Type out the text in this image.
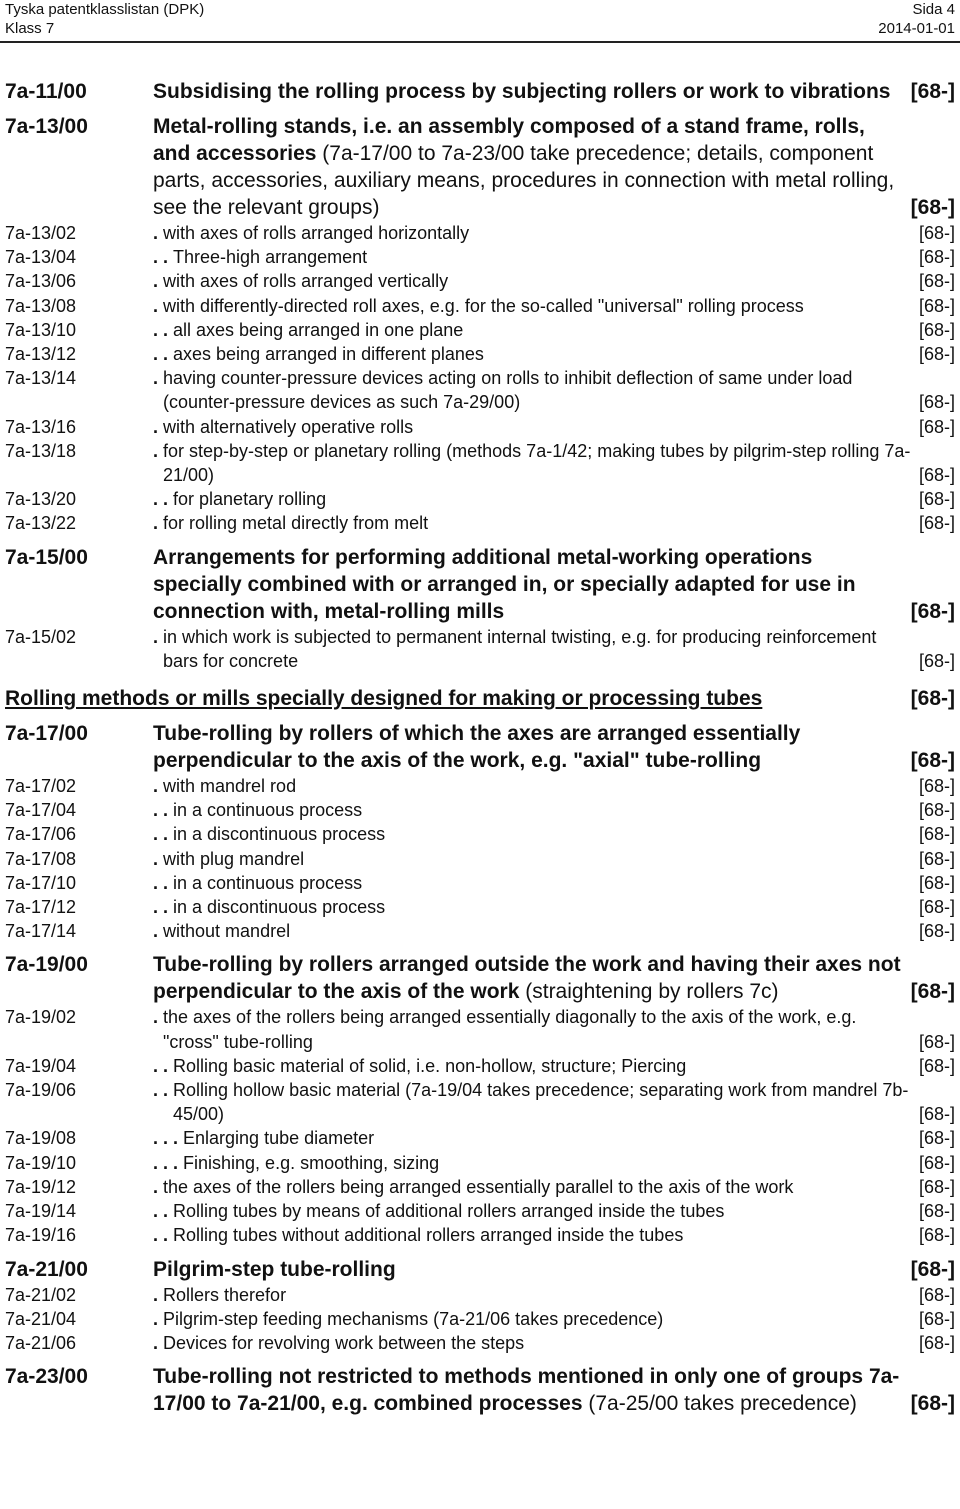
Tyska patentklasslistan (DPK)	Sida 4
Klass 7	2014-01-01
7a-11/00	Subsidising the rolling process by subjecting rollers or work to vibrations [68-]
7a-13/00	Metal-rolling stands, i.e. an assembly composed of a stand frame, rolls, and accessories (7a-17/00 to 7a-23/00 take precedence; details, component parts, accessories, auxiliary means, procedures in connection with metal rolling, see the relevant groups)	[68-]
7a-13/02	. with axes of rolls arranged horizontally	[68-]
7a-13/04	. . Three-high arrangement	[68-]
7a-13/06	. with axes of rolls arranged vertically	[68-]
7a-13/08	. with differently-directed roll axes, e.g. for the so-called "universal" rolling process	[68-]
7a-13/10	. . all axes being arranged in one plane	[68-]
7a-13/12	. . axes being arranged in different planes	[68-]
7a-13/14	. having counter-pressure devices acting on rolls to inhibit deflection of same under load (counter-pressure devices as such 7a-29/00)	[68-]
7a-13/16	. with alternatively operative rolls	[68-]
7a-13/18	. for step-by-step or planetary rolling (methods 7a-1/42; making tubes by pilgrim-step rolling 7a-21/00)	[68-]
7a-13/20	. . for planetary rolling	[68-]
7a-13/22	. for rolling metal directly from melt	[68-]
7a-15/00	Arrangements for performing additional metal-working operations specially combined with or arranged in, or specially adapted for use in connection with, metal-rolling mills	[68-]
7a-15/02	. in which work is subjected to permanent internal twisting, e.g. for producing reinforcement bars for concrete	[68-]
Rolling methods or mills specially designed for making or processing tubes	[68-]
7a-17/00	Tube-rolling by rollers of which the axes are arranged essentially perpendicular to the axis of the work, e.g. "axial" tube-rolling	[68-]
7a-17/02	. with mandrel rod	[68-]
7a-17/04	. . in a continuous process	[68-]
7a-17/06	. . in a discontinuous process	[68-]
7a-17/08	. with plug mandrel	[68-]
7a-17/10	. . in a continuous process	[68-]
7a-17/12	. . in a discontinuous process	[68-]
7a-17/14	. without mandrel	[68-]
7a-19/00	Tube-rolling by rollers arranged outside the work and having their axes not perpendicular to the axis of the work (straightening by rollers 7c)	[68-]
7a-19/02	. the axes of the rollers being arranged essentially diagonally to the axis of the work, e.g. "cross" tube-rolling	[68-]
7a-19/04	. . Rolling basic material of solid, i.e. non-hollow, structure; Piercing	[68-]
7a-19/06	. . Rolling hollow basic material (7a-19/04 takes precedence; separating work from mandrel 7b-45/00)	[68-]
7a-19/08	. . . Enlarging tube diameter	[68-]
7a-19/10	. . . Finishing, e.g. smoothing, sizing	[68-]
7a-19/12	. the axes of the rollers being arranged essentially parallel to the axis of the work	[68-]
7a-19/14	. . Rolling tubes by means of additional rollers arranged inside the tubes	[68-]
7a-19/16	. . Rolling tubes without additional rollers arranged inside the tubes	[68-]
7a-21/00	Pilgrim-step tube-rolling	[68-]
7a-21/02	. Rollers therefor	[68-]
7a-21/04	. Pilgrim-step feeding mechanisms (7a-21/06 takes precedence)	[68-]
7a-21/06	. Devices for revolving work between the steps	[68-]
7a-23/00	Tube-rolling not restricted to methods mentioned in only one of groups 7a-17/00 to 7a-21/00, e.g. combined processes (7a-25/00 takes precedence)	[68-]
